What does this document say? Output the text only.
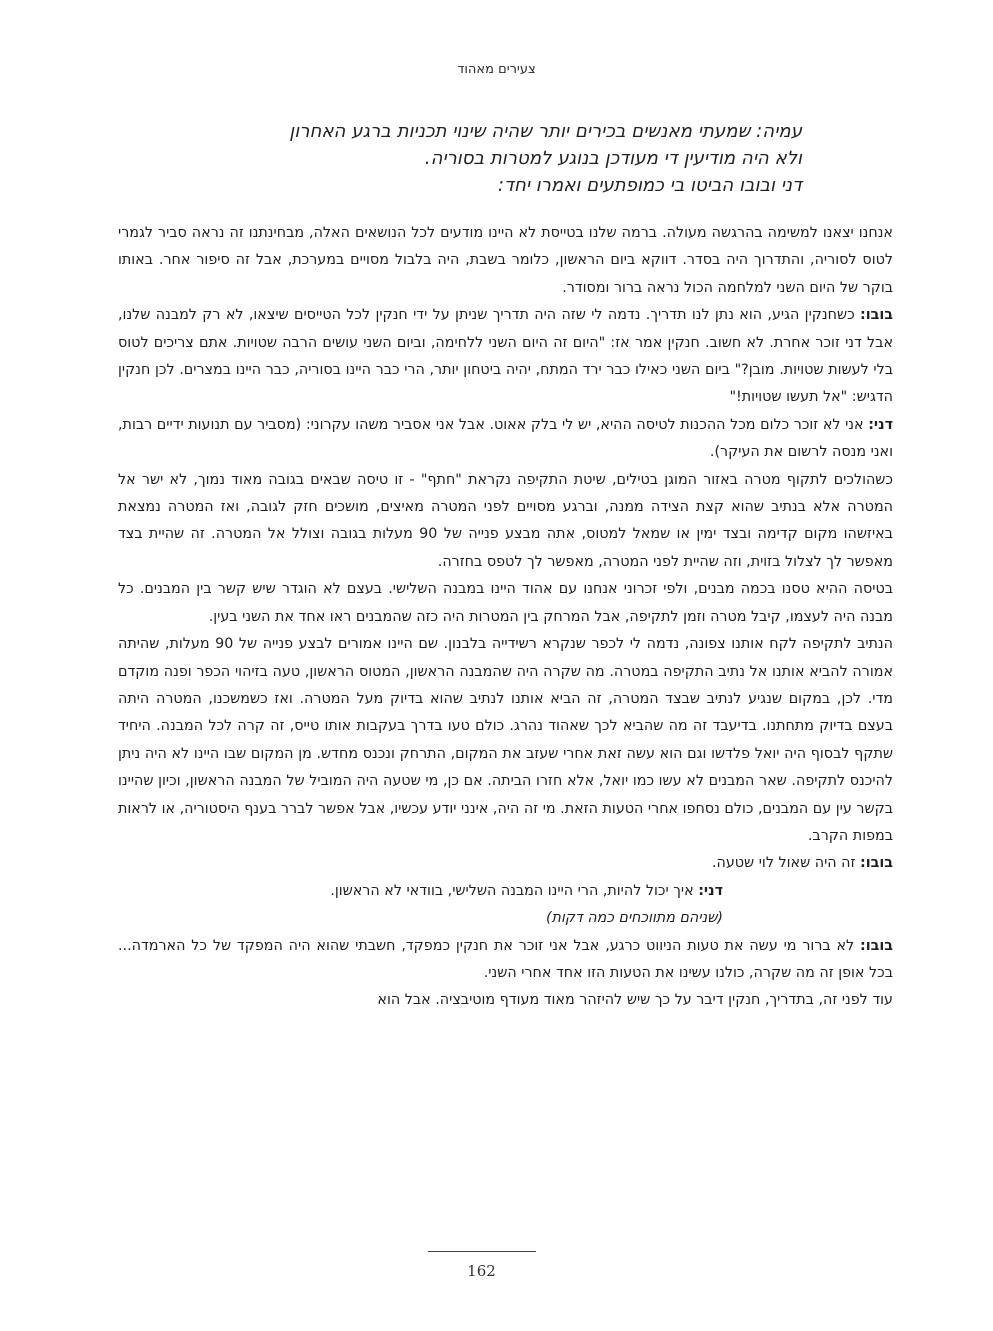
צעירים מאהוד
עמיה: שמעתי מאנשים בכירים יותר שהיה שינוי תכניות ברגע האחרון
ולא היה מודיעין די מעודכן בנוגע למטרות בסוריה.
דני ובובו הביטו בי כמופתעים ואמרו יחד:

אנחנו יצאנו למשימה בהרגשה מעולה. ברמה שלנו בטייסת לא היינו מודעים לכל הנושאים האלה, מבחינתנו זה נראה סביר לגמרי לטוס לסוריה, והתדרוך היה בסדר. דווקא ביום הראשון, כלומר בשבת, היה בלבול מסויים במערכת, אבל זה סיפור אחר. באותו בוקר של היום השני למלחמה הכול נראה ברור ומסודר.

בובו: כשחנקין הגיע, הוא נתן לנו תדריך. נדמה לי שזה היה תדריך שניתן על ידי חנקין לכל הטייסים שיצאו, לא רק למבנה שלנו, אבל דני זוכר אחרת. לא חשוב. חנקין אמר אז: "היום זה היום השני ללחימה, וביום השני עושים הרבה שטויות. אתם צריכים לטוס בלי לעשות שטויות. מובן?" ביום השני כאילו כבר ירד המתח, יהיה ביטחון יותר, הרי כבר היינו בסוריה, כבר היינו במצרים. לכן חנקין הדגיש: "אל תעשו שטויות!"

דני: אני לא זוכר כלום מכל ההכנות לטיסה ההיא, יש לי בלק אאוט. אבל אני אסביר משהו עקרוני: (מסביר עם תנועות ידיים רבות, ואני מנסה לרשום את העיקר).

כשהולכים לתקוף מטרה באזור המוגן בטילים, שיטת התקיפה נקראת "חתף" - זו טיסה שבאים בגובה מאוד נמוך, לא ישר אל המטרה אלא בנתיב שהוא קצת הצידה ממנה, וברגע מסויים לפני המטרה מאיצים, מושכים חזק לגובה, ואז המטרה נמצאת באיזשהו מקום קדימה ובצד ימין או שמאל למטוס, אתה מבצע פנייה של 90 מעלות בגובה וצולל אל המטרה. זה שהיית בצד מאפשר לך לצלול בזוית, וזה שהיית לפני המטרה, מאפשר לך לטפס בחזרה.

בטיסה ההיא טסנו בכמה מבנים, ולפי זכרוני אנחנו עם אהוד היינו במבנה השלישי. בעצם לא הוגדר שיש קשר בין המבנים. כל מבנה היה לעצמו, קיבל מטרה וזמן לתקיפה, אבל המרחק בין המטרות היה כזה שהמבנים ראו אחד את השני בעין.

הנתיב לתקיפה לקח אותנו צפונה, נדמה לי לכפר שנקרא רשידייה בלבנון. שם היינו אמורים לבצע פנייה של 90 מעלות, שהיתה אמורה להביא אותנו אל נתיב התקיפה במטרה. מה שקרה היה שהמבנה הראשון, המטוס הראשון, טעה בזיהוי הכפר ופנה מוקדם מדי. לכן, במקום שנגיע לנתיב שבצד המטרה, זה הביא אותנו לנתיב שהוא בדיוק מעל המטרה. ואז כשמשכנו, המטרה היתה בעצם בדיוק מתחתנו. בדיעבד זה מה שהביא לכך שאהוד נהרג. כולם טעו בדרך בעקבות אותו טייס, זה קרה לכל המבנה. היחיד שתקף לבסוף היה יואל פלדשו וגם הוא עשה זאת אחרי שעזב את המקום, התרחק ונכנס מחדש. מן המקום שבו היינו לא היה ניתן להיכנס לתקיפה. שאר המבנים לא עשו כמו יואל, אלא חזרו הביתה. אם כן, מי שטעה היה המוביל של המבנה הראשון, וכיון שהיינו בקשר עין עם המבנים, כולם נסחפו אחרי הטעות הזאת. מי זה היה, אינני יודע עכשיו, אבל אפשר לברר בענף היסטוריה, או לראות במפות הקרב.

בובו: זה היה שאול לוי שטעה.

דני: איך יכול להיות, הרי היינו המבנה השלישי, בוודאי לא הראשון.

(שניהם מתווכחים כמה דקות)

בובו: לא ברור מי עשה את טעות הניווט כרגע, אבל אני זוכר את חנקין כמפקד, חשבתי שהוא היה המפקד של כל הארמדה... בכל אופן זה מה שקרה, כולנו עשינו את הטעות הזו אחד אחרי השני.

עוד לפני זה, בתדריך, חנקין דיבר על כך שיש להיזהר מאוד מעודף מוטיבציה. אבל הוא

162
